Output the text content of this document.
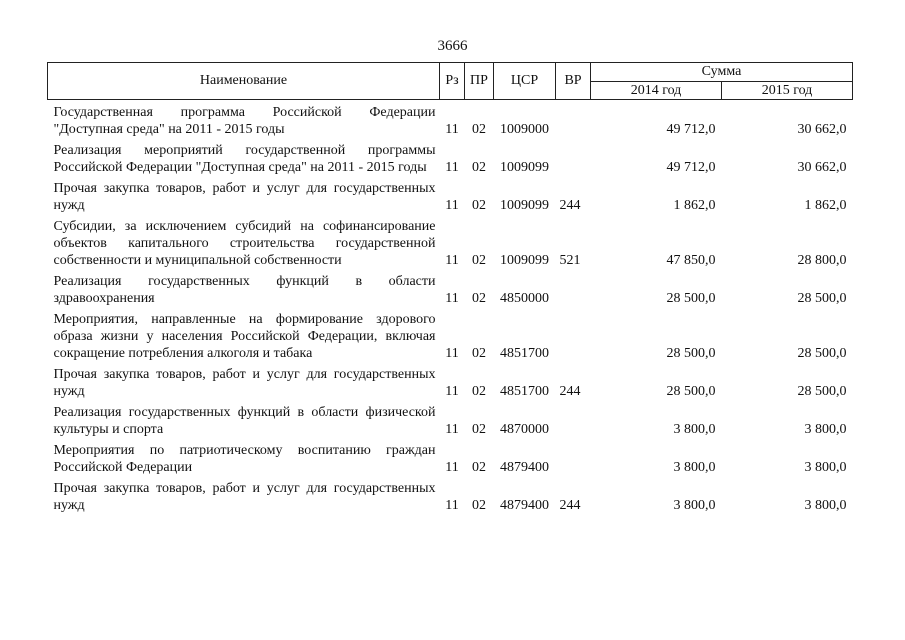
3666
Наименование	Рз	ПР	ЦСР	ВР	Сумма	
					2014 год	2015 год
Государственная программа Российской Федерации "Доступная среда" на 2011 - 2015 годы	11	02	1009000		49 712,0	30 662,0
Реализация мероприятий государственной программы Российской Федерации "Доступная среда" на 2011 - 2015 годы	11	02	1009099		49 712,0	30 662,0
Прочая закупка товаров, работ и услуг для государственных нужд	11	02	1009099	244	1 862,0	1 862,0
Субсидии, за исключением субсидий на софинансирование объектов капитального строительства государственной собственности и муниципальной собственности	11	02	1009099	521	47 850,0	28 800,0
Реализация государственных функций в области здравоохранения	11	02	4850000		28 500,0	28 500,0
Мероприятия, направленные на формирование здорового образа жизни у населения Российской Федерации, включая сокращение потребления алкоголя и табака	11	02	4851700		28 500,0	28 500,0
Прочая закупка товаров, работ и услуг для государственных нужд	11	02	4851700	244	28 500,0	28 500,0
Реализация государственных функций в области физической культуры и спорта	11	02	4870000		3 800,0	3 800,0
Мероприятия по патриотическому воспитанию граждан Российской Федерации	11	02	4879400		3 800,0	3 800,0
Прочая закупка товаров, работ и услуг для государственных нужд	11	02	4879400	244	3 800,0	3 800,0
